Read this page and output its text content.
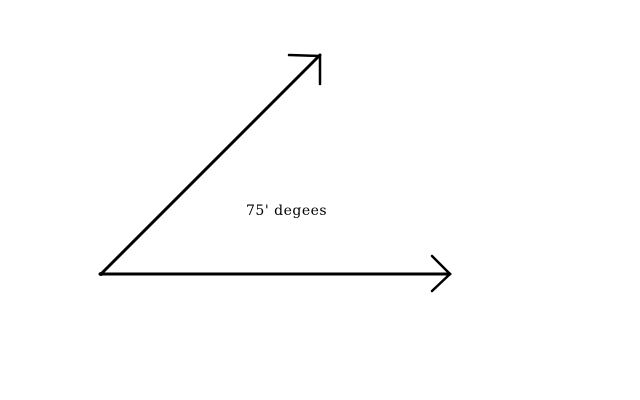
75' degees
